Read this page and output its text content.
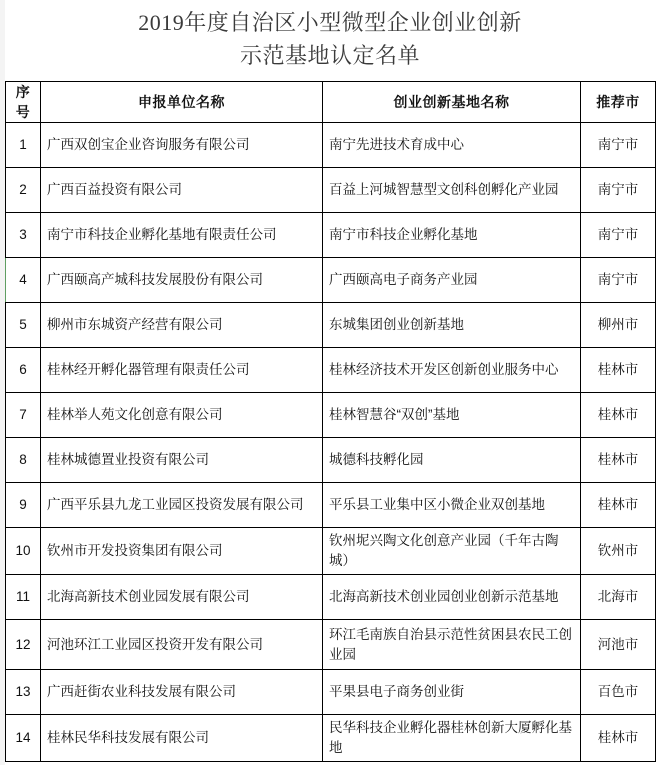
2019年度自治区小型微型企业创业创新
示范基地认定名单
序号	申报单位名称	创业创新基地名称	推荐市
1	广西双创宝企业咨询服务有限公司	南宁先进技术育成中心	南宁市
2	广西百益投资有限公司	百益上河城智慧型文创科创孵化产业园	南宁市
3	南宁市科技企业孵化基地有限责任公司	南宁市科技企业孵化基地	南宁市
4	广西颐高产城科技发展股份有限公司	广西颐高电子商务产业园	南宁市
5	柳州市东城资产经营有限公司	东城集团创业创新基地	柳州市
6	桂林经开孵化器管理有限责任公司	桂林经济技术开发区创新创业服务中心	桂林市
7	桂林举人苑文化创意有限公司	桂林智慧谷“双创”基地	桂林市
8	桂林城德置业投资有限公司	城德科技孵化园	桂林市
9	广西平乐县九龙工业园区投资发展有限公司	平乐县工业集中区小微企业双创基地	桂林市
10	钦州市开发投资集团有限公司	钦州坭兴陶文化创意产业园（千年古陶城）	钦州市
11	北海高新技术创业园发展有限公司	北海高新技术创业园创业创新示范基地	北海市
12	河池环江工业园区投资开发有限公司	环江毛南族自治县示范性贫困县农民工创业园	河池市
13	广西赶街农业科技发展有限公司	平果县电子商务创业街	百色市
14	桂林民华科技发展有限公司	民华科技企业孵化器桂林创新大厦孵化基地	桂林市
